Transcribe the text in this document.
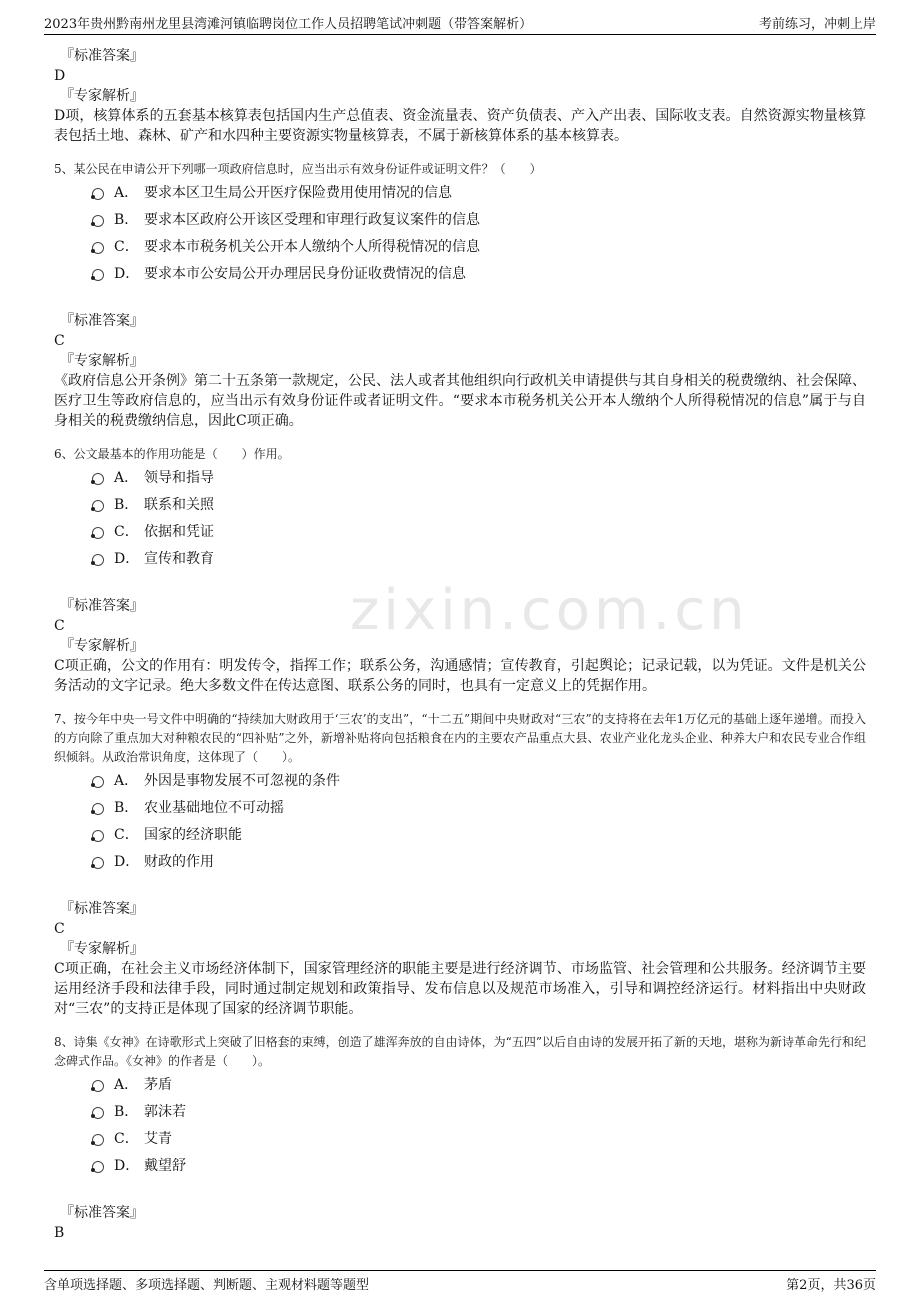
2023年贵州黔南州龙里县湾滩河镇临聘岗位工作人员招聘笔试冲刺题（带答案解析）	考前练习，冲刺上岸
zixin.com.cn
『标准答案』
D
『专家解析』
D项，核算体系的五套基本核算表包括国内生产总值表、资金流量表、资产负债表、产入产出表、国际收支表。自然资源实物量核算表包括土地、森林、矿产和水四种主要资源实物量核算表，不属于新核算体系的基本核算表。
5、某公民在申请公开下列哪一项政府信息时，应当出示有效身份证件或证明文件？（　　）
A． 要求本区卫生局公开医疗保险费用使用情况的信息
B． 要求本区政府公开该区受理和审理行政复议案件的信息
C． 要求本市税务机关公开本人缴纳个人所得税情况的信息
D． 要求本市公安局公开办理居民身份证收费情况的信息
『标准答案』
C
『专家解析』
《政府信息公开条例》第二十五条第一款规定，公民、法人或者其他组织向行政机关申请提供与其自身相关的税费缴纳、社会保障、医疗卫生等政府信息的，应当出示有效身份证件或者证明文件。“要求本市税务机关公开本人缴纳个人所得税情况的信息”属于与自身相关的税费缴纳信息，因此C项正确。
6、公文最基本的作用功能是（　　）作用。
A． 领导和指导
B． 联系和关照
C． 依据和凭证
D． 宣传和教育
『标准答案』
C
『专家解析』
C项正确，公文的作用有：明发传令，指挥工作；联系公务，沟通感情；宣传教育，引起舆论；记录记载，以为凭证。文件是机关公务活动的文字记录。绝大多数文件在传达意图、联系公务的同时，也具有一定意义上的凭据作用。
7、按今年中央一号文件中明确的“持续加大财政用于‘三农’的支出”，“十二五”期间中央财政对“三农”的支持将在去年1万亿元的基础上逐年递增。而投入的方向除了重点加大对种粮农民的“四补贴”之外，新增补贴将向包括粮食在内的主要农产品重点大县、农业产业化龙头企业、种养大户和农民专业合作组织倾斜。从政治常识角度，这体现了（　　）。
A． 外因是事物发展不可忽视的条件
B． 农业基础地位不可动摇
C． 国家的经济职能
D． 财政的作用
『标准答案』
C
『专家解析』
C项正确，在社会主义市场经济体制下，国家管理经济的职能主要是进行经济调节、市场监管、社会管理和公共服务。经济调节主要运用经济手段和法律手段，同时通过制定规划和政策指导、发布信息以及规范市场准入，引导和调控经济运行。材料指出中央财政对“三农”的支持正是体现了国家的经济调节职能。
8、诗集《女神》在诗歌形式上突破了旧格套的束缚，创造了雄浑奔放的自由诗体，为“五四”以后自由诗的发展开拓了新的天地，堪称为新诗革命先行和纪念碑式作品。《女神》的作者是（　　）。
A． 茅盾
B． 郭沫若
C． 艾青
D． 戴望舒
『标准答案』
B
含单项选择题、多项选择题、判断题、主观材料题等题型	第2页，共36页
